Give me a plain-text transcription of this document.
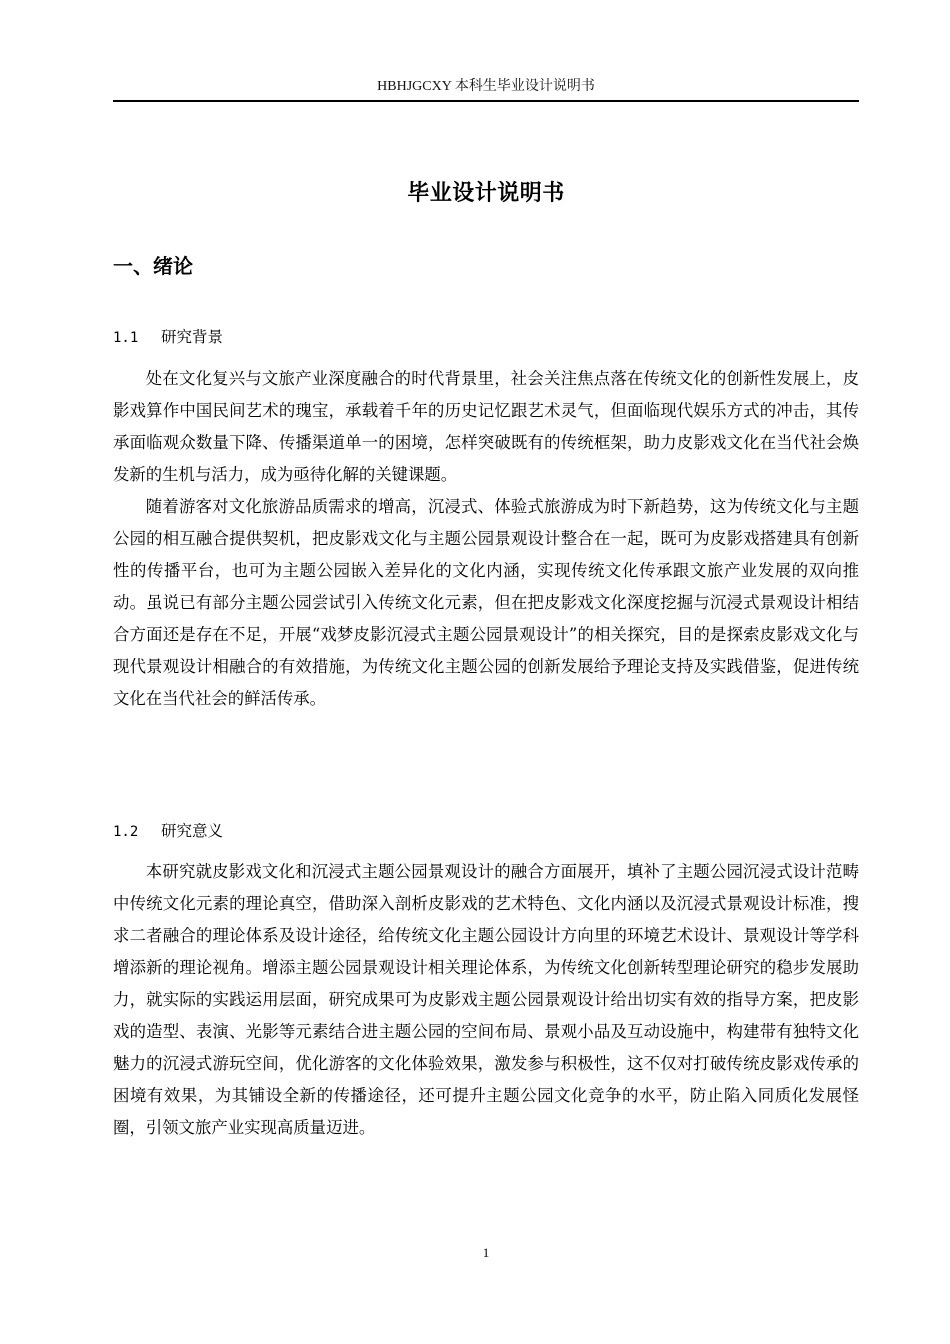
HBHJGCXY 本科生毕业设计说明书
毕业设计说明书
一、绪论
1.1 研究背景

处在文化复兴与文旅产业深度融合的时代背景里，社会关注焦点落在传统文化的创新性发展上，皮影戏算作中国民间艺术的瑰宝，承载着千年的历史记忆跟艺术灵气，但面临现代娱乐方式的冲击，其传承面临观众数量下降、传播渠道单一的困境，怎样突破既有的传统框架，助力皮影戏文化在当代社会焕发新的生机与活力，成为亟待化解的关键课题。

随着游客对文化旅游品质需求的增高，沉浸式、体验式旅游成为时下新趋势，这为传统文化与主题公园的相互融合提供契机，把皮影戏文化与主题公园景观设计整合在一起，既可为皮影戏搭建具有创新性的传播平台，也可为主题公园嵌入差异化的文化内涵，实现传统文化传承跟文旅产业发展的双向推动。虽说已有部分主题公园尝试引入传统文化元素，但在把皮影戏文化深度挖掘与沉浸式景观设计相结合方面还是存在不足，开展“戏梦皮影沉浸式主题公园景观设计”的相关探究，目的是探索皮影戏文化与现代景观设计相融合的有效措施，为传统文化主题公园的创新发展给予理论支持及实践借鉴，促进传统文化在当代社会的鲜活传承。

1.2 研究意义

本研究就皮影戏文化和沉浸式主题公园景观设计的融合方面展开，填补了主题公园沉浸式设计范畴中传统文化元素的理论真空，借助深入剖析皮影戏的艺术特色、文化内涵以及沉浸式景观设计标准，搜求二者融合的理论体系及设计途径，给传统文化主题公园设计方向里的环境艺术设计、景观设计等学科增添新的理论视角。增添主题公园景观设计相关理论体系，为传统文化创新转型理论研究的稳步发展助力，就实际的实践运用层面，研究成果可为皮影戏主题公园景观设计给出切实有效的指导方案，把皮影戏的造型、表演、光影等元素结合进主题公园的空间布局、景观小品及互动设施中，构建带有独特文化魅力的沉浸式游玩空间，优化游客的文化体验效果，激发参与积极性，这不仅对打破传统皮影戏传承的困境有效果，为其铺设全新的传播途径，还可提升主题公园文化竞争的水平，防止陷入同质化发展怪圈，引领文旅产业实现高质量迈进。

1
